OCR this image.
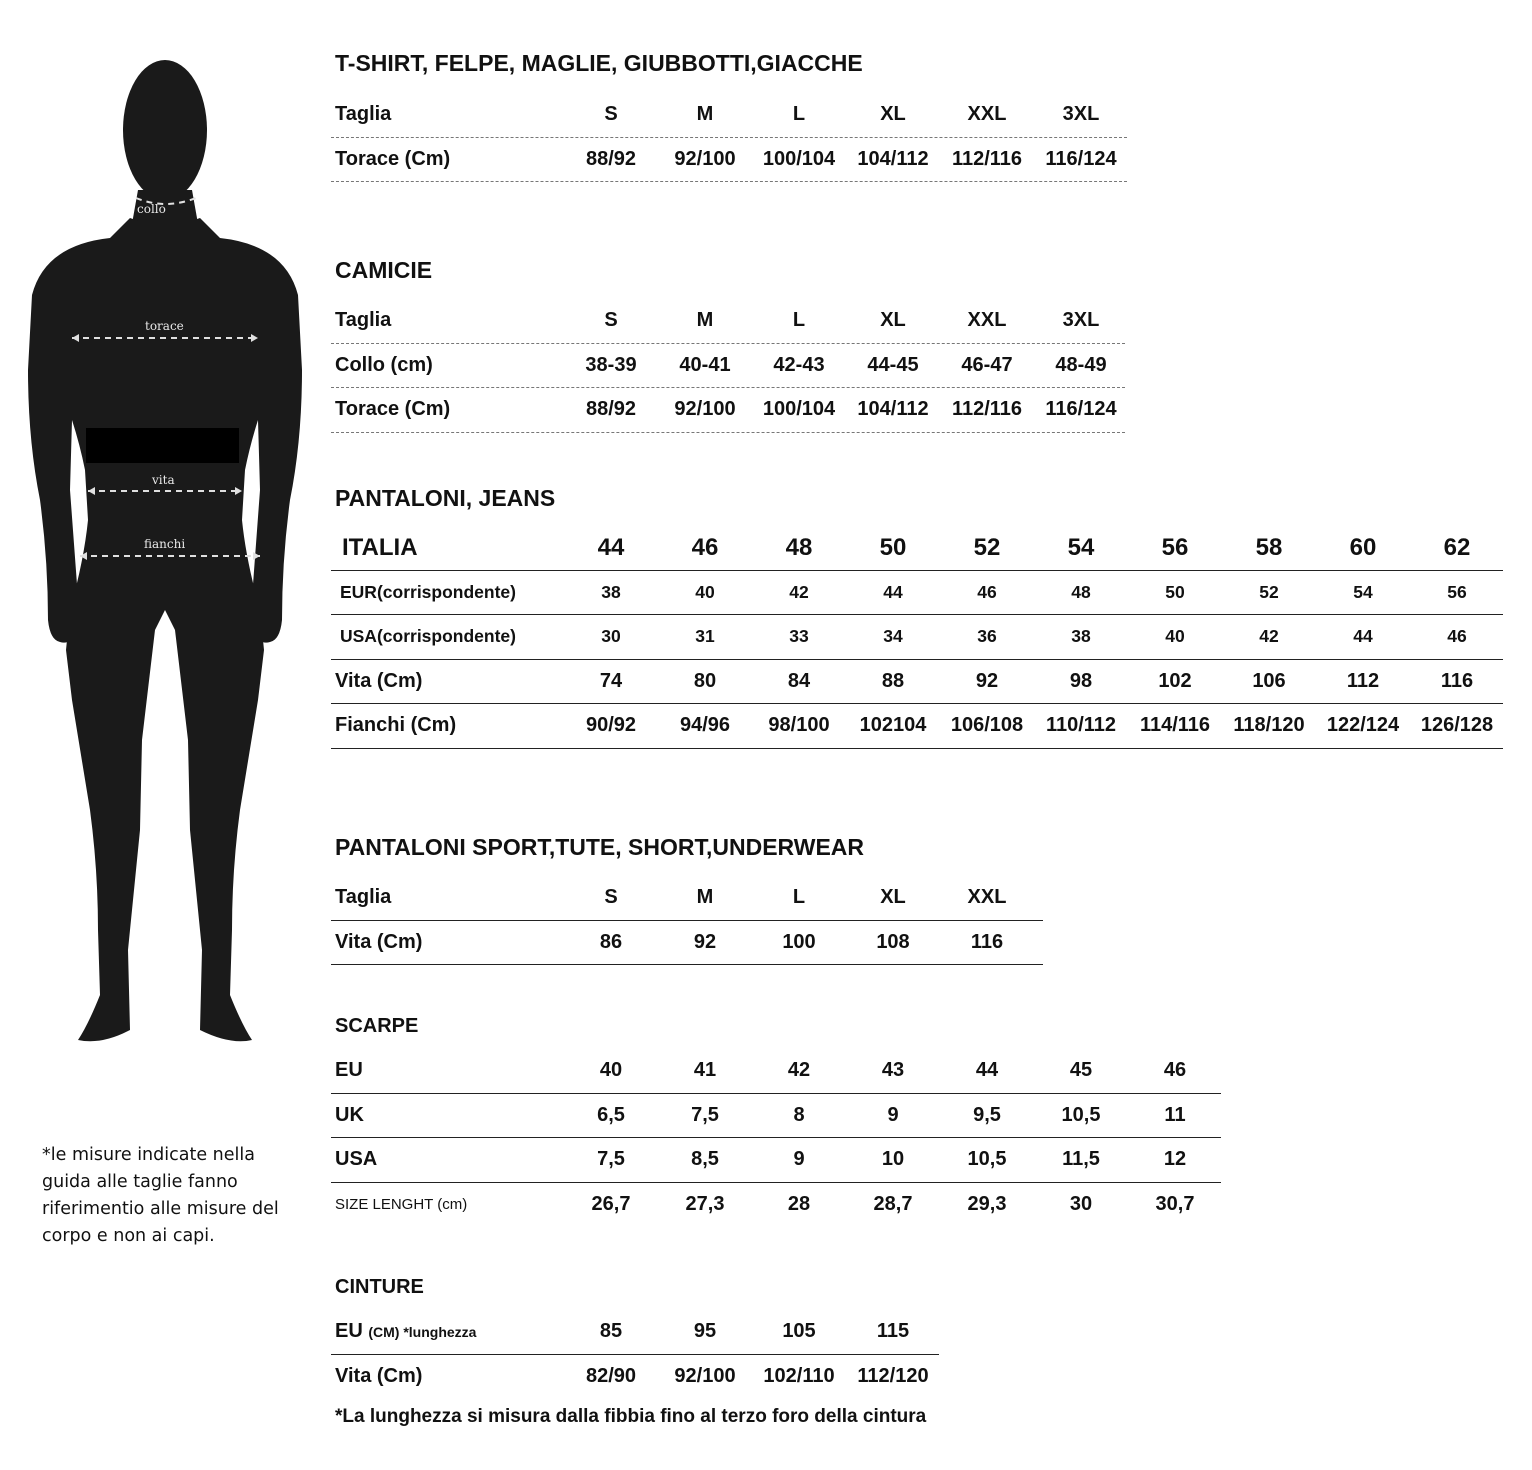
collo
torace
vita
fianchi
*le misure indicate nella guida alle taglie fanno riferimentio alle misure del corpo e non ai capi.
T-SHIRT, FELPE, MAGLIE, GIUBBOTTI,GIACCHE
Taglia	S	M	L	XL	XXL	3XL
Torace (Cm)	88/92	92/100 100/104 104/112 112/116 116/124
CAMICIE
Taglia	S	M	L	XL	XXL	3XL
Collo (cm)	38-39	40-41	42-43	44-45	46-47	48-49
Torace (Cm)	88/92	92/100 100/104 104/112 112/116 116/124
PANTALONI, JEANS
ITALIA	44	46	48	50	52	54	56	58	60	62
EUR(corrispondente)	38	40	42	44	46	48	50	52	54	56
USA(corrispondente)	30	31	33	34	36	38	40	42	44	46
Vita (Cm)	74	80	84	88	92	98	102	106	112	116
Fianchi (Cm)	90/92	94/96	98/100 102104 106/108 110/112 114/116 118/120 122/124 126/128
PANTALONI SPORT,TUTE, SHORT,UNDERWEAR
Taglia	S	M	L	XL	XXL
Vita (Cm)	86	92	100	108	116
SCARPE
EU	40	41	42	43	44	45	46
UK	6,5	7,5	8	9	9,5	10,5	11
USA	7,5	8,5	9	10	10,5	11,5	12
SIZE LENGHT (cm)	26,7	27,3	28	28,7	29,3	30	30,7
CINTURE
EU
(CM) *lunghezza	85	95	105	115
Vita (Cm)	82/90	92/100 102/110 112/120
*La lunghezza si misura dalla fibbia fino al terzo foro della cintura
